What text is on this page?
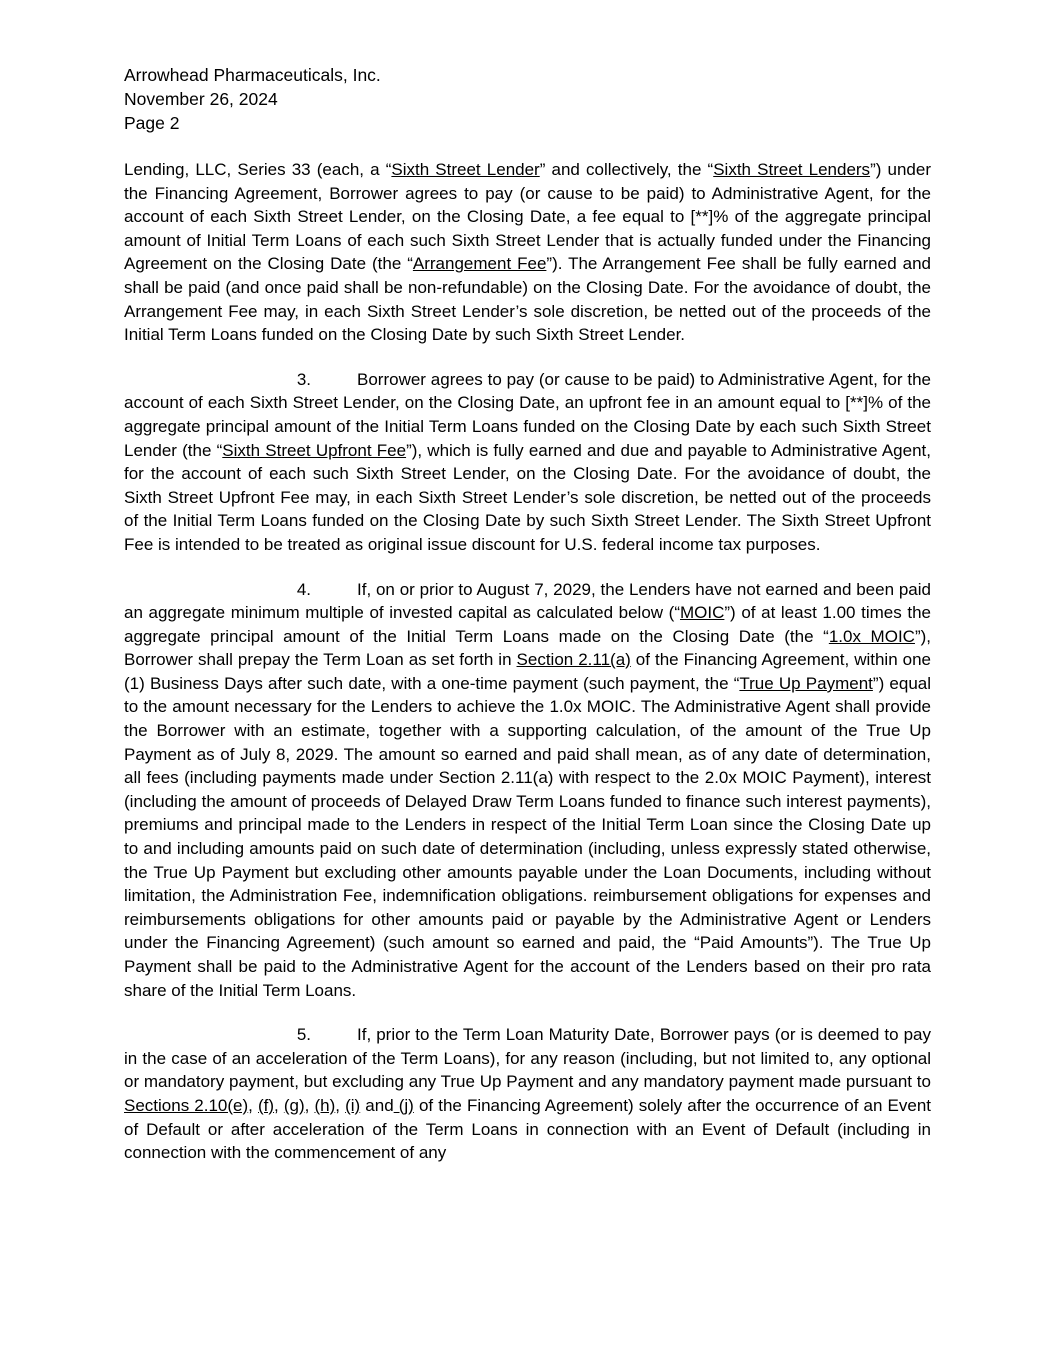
Arrowhead Pharmaceuticals, Inc.
November 26, 2024
Page 2

Lending, LLC, Series 33 (each, a “Sixth Street Lender” and collectively, the “Sixth Street Lenders”) under the Financing Agreement, Borrower agrees to pay (or cause to be paid) to Administrative Agent, for the account of each Sixth Street Lender, on the Closing Date, a fee equal to [**]% of the aggregate principal amount of Initial Term Loans of each such Sixth Street Lender that is actually funded under the Financing Agreement on the Closing Date (the “Arrangement Fee”). The Arrangement Fee shall be fully earned and shall be paid (and once paid shall be non-refundable) on the Closing Date. For the avoidance of doubt, the Arrangement Fee may, in each Sixth Street Lender’s sole discretion, be netted out of the proceeds of the Initial Term Loans funded on the Closing Date by such Sixth Street Lender.

3.	Borrower agrees to pay (or cause to be paid) to Administrative Agent, for the account of each Sixth Street Lender, on the Closing Date, an upfront fee in an amount equal to [**]% of the aggregate principal amount of the Initial Term Loans funded on the Closing Date by each such Sixth Street Lender (the “Sixth Street Upfront Fee”), which is fully earned and due and payable to Administrative Agent, for the account of each such Sixth Street Lender, on the Closing Date. For the avoidance of doubt, the Sixth Street Upfront Fee may, in each Sixth Street Lender’s sole discretion, be netted out of the proceeds of the Initial Term Loans funded on the Closing Date by such Sixth Street Lender. The Sixth Street Upfront Fee is intended to be treated as original issue discount for U.S. federal income tax purposes.

4.	If, on or prior to August 7, 2029, the Lenders have not earned and been paid an aggregate minimum multiple of invested capital as calculated below (“MOIC”) of at least 1.00 times the aggregate principal amount of the Initial Term Loans made on the Closing Date (the “1.0x MOIC”), Borrower shall prepay the Term Loan as set forth in Section 2.11(a) of the Financing Agreement, within one (1) Business Days after such date, with a one-time payment (such payment, the “True Up Payment”) equal to the amount necessary for the Lenders to achieve the 1.0x MOIC. The Administrative Agent shall provide the Borrower with an estimate, together with a supporting calculation, of the amount of the True Up Payment as of July 8, 2029. The amount so earned and paid shall mean, as of any date of determination, all fees (including payments made under Section 2.11(a) with respect to the 2.0x MOIC Payment), interest (including the amount of proceeds of Delayed Draw Term Loans funded to finance such interest payments), premiums and principal made to the Lenders in respect of the Initial Term Loan since the Closing Date up to and including amounts paid on such date of determination (including, unless expressly stated otherwise, the True Up Payment but excluding other amounts payable under the Loan Documents, including without limitation, the Administration Fee, indemnification obligations. reimbursement obligations for expenses and reimbursements obligations for other amounts paid or payable by the Administrative Agent or Lenders under the Financing Agreement) (such amount so earned and paid, the “Paid Amounts”). The True Up Payment shall be paid to the Administrative Agent for the account of the Lenders based on their pro rata share of the Initial Term Loans.

5.	If, prior to the Term Loan Maturity Date, Borrower pays (or is deemed to pay in the case of an acceleration of the Term Loans), for any reason (including, but not limited to, any optional or mandatory payment, but excluding any True Up Payment and any mandatory payment made pursuant to Sections 2.10(e), (f), (g), (h), (i) and (j) of the Financing Agreement) solely after the occurrence of an Event of Default or after acceleration of the Term Loans in connection with an Event of Default (including in connection with the commencement of any
